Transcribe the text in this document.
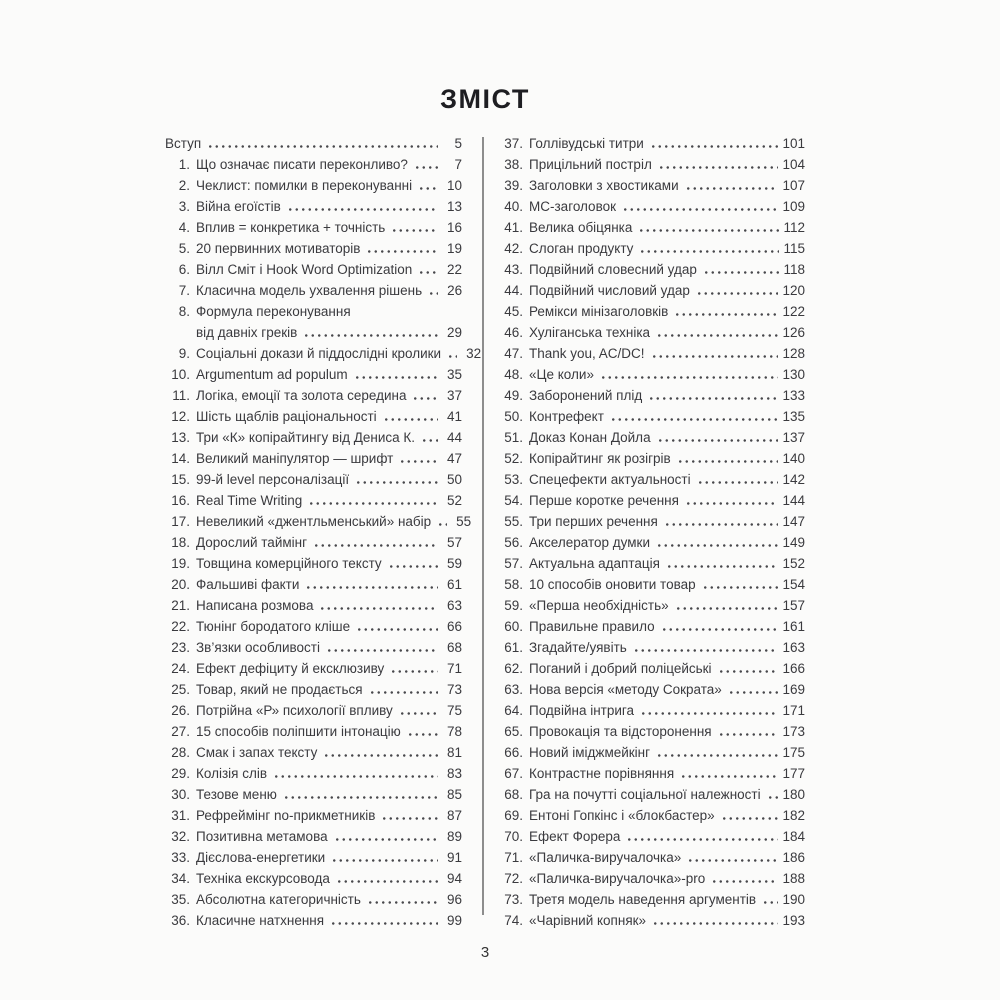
ЗМІСТ
Вступ	5
1. Що означає писати переконливо?	7
2. Чеклист: помилки в переконуванні	10
3. Війна егоїстів	13
4. Вплив = конкретика + точність	16
5. 20 первинних мотиваторів	19
6. Вілл Сміт і Hook Word Optimization	22
7. Класична модель ухвалення рішень	26
8. Формула переконування
від давніх греків	29
9. Соціальні докази й піддослідні кролики	32
10. Argumentum ad populum	35
11. Логіка, емоції та золота середина	37
12. Шість щаблів раціональності	41
13. Три «К» копірайтингу від Дениса К.	44
14. Великий маніпулятор — шрифт	47
15. 99-й level персоналізації	50
16. Real Time Writing	52
17. Невеликий «джентльменський» набір	55
18. Дорослий таймінг	57
19. Товщина комерційного тексту	59
20. Фальшиві факти	61
21. Написана розмова	63
22. Тюнінг бородатого кліше	66
23. Зв’язки особливості	68
24. Ефект дефіциту й ексклюзиву	71
25. Товар, який не продається	73
26. Потрійна «Р» психології впливу	75
27. 15 способів поліпшити інтонацію	78
28. Смак і запах тексту	81
29. Колізія слів	83
30. Тезове меню	85
31. Рефреймінг no-прикметників	87
32. Позитивна метамова	89
33. Дієслова-енергетики	91
34. Техніка екскурсовода	94
35. Абсолютна категоричність	96
36. Класичне натхнення	99
37. Голлівудські титри	101
38. Прицільний постріл	104
39. Заголовки з хвостиками	107
40. МС-заголовок	109
41. Велика обіцянка	112
42. Слоган продукту	115
43. Подвійний словесний удар	118
44. Подвійний числовий удар	120
45. Ремікси мінізаголовків	122
46. Хуліганська техніка	126
47. Thank you, AC/DC!	128
48. «Це коли»	130
49. Заборонений плід	133
50. Контрефект	135
51. Доказ Конан Дойла	137
52. Копірайтинг як розігрів	140
53. Спецефекти актуальності	142
54. Перше коротке речення	144
55. Три перших речення	147
56. Акселератор думки	149
57. Актуальна адаптація	152
58. 10 способів оновити товар	154
59. «Перша необхідність»	157
60. Правильне правило	161
61. Згадайте/уявіть	163
62. Поганий і добрий поліцейські	166
63. Нова версія «методу Сократа»	169
64. Подвійна інтрига	171
65. Провокація та відсторонення	173
66. Новий іміджмейкінг	175
67. Контрастне порівняння	177
68. Гра на почутті соціальної належності 180
69. Ентоні Гопкінс і «блокбастер»	182
70. Ефект Форера	184
71. «Паличка-виручалочка»	186
72. «Паличка-виручалочка»-pro	188
73. Третя модель наведення аргументів 190
74. «Чарівний копняк»	193
3
